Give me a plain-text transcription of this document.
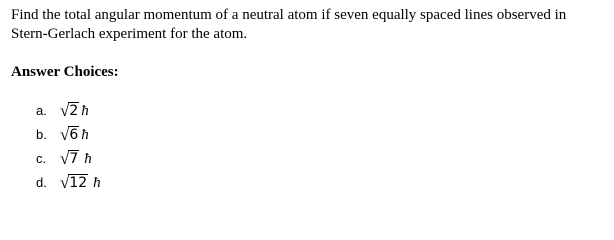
Find the total angular momentum of a neutral atom if seven equally spaced lines observed in Stern-Gerlach experiment for the atom.
Answer Choices:
a. √ 2 ħ
b. √ 6 ħ
c. √ 7 ħ
d. √ 12 ħ
